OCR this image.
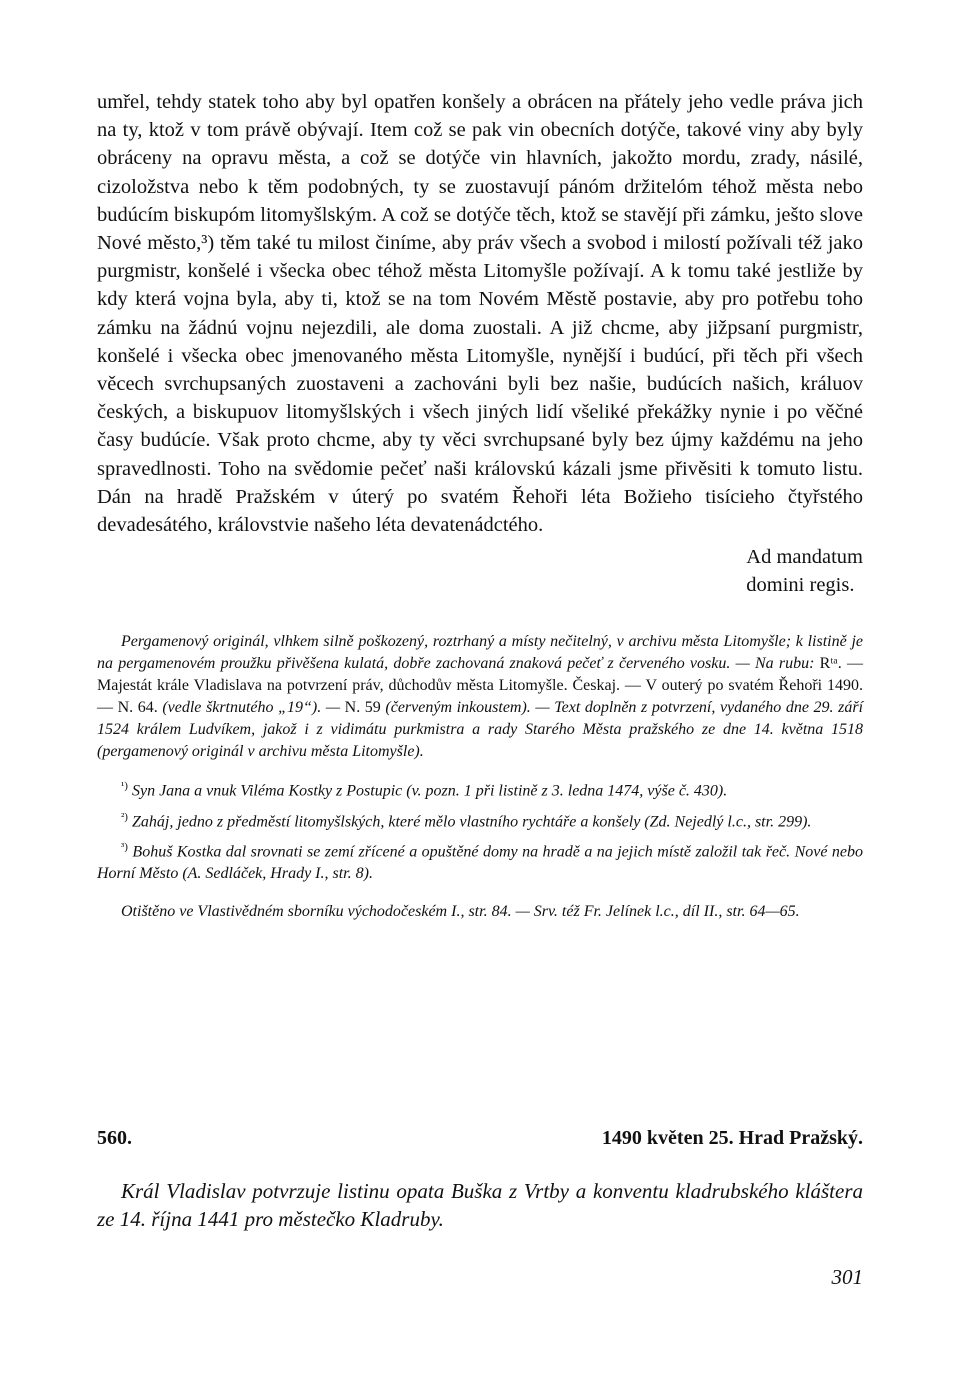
umřel, tehdy statek toho aby byl opatřen konšely a obrácen na přátely jeho vedle práva jich na ty, ktož v tom právě obývají. Item což se pak vin obecních dotýče, takové viny aby byly obráceny na opravu města, a což se dotýče vin hlavních, jakožto mordu, zrady, násilé, cizoložstva nebo k těm podobných, ty se zuostavují pánóm držitelóm téhož města nebo budúcím biskupóm litomyšlským. A což se dotýče těch, ktož se stavějí při zámku, ješto slove Nové město,³) těm také tu milost činíme, aby práv všech a svobod i milostí požívali též jako purgmistr, konšelé i všecka obec téhož města Litomyšle požívají. A k tomu také jestliže by kdy která vojna byla, aby ti, ktož se na tom Novém Městě postavie, aby pro potřebu toho zámku na žádnú vojnu nejezdili, ale doma zuostali. A již chcme, aby jižpsaní purgmistr, konšelé i všecka obec jmenovaného města Litomyšle, nynější i budúcí, při těch při všech věcech svrchupsaných zuostaveni a zachováni byli bez našie, budúcích našich, králuov českých, a biskupuov litomyšlských i všech jiných lidí všeliké překážky nynie i po věčné časy budúcíe. Však proto chcme, aby ty věci svrchupsané byly bez újmy každému na jeho spravedlnosti. Toho na svědomie pečeť naši královskú kázali jsme přivěsiti k tomuto listu. Dán na hradě Pražském v úterý po svatém Řehoři léta Božieho tisícieho čtyřstého devadesátého, královstvie našeho léta devatenádctého.

Ad mandatum
domini regis.

Pergamenový originál, vlhkem silně poškozený, roztrhaný a místy nečitelný, v archivu města Litomyšle; k listině je na pergamenovém proužku přivěšena kulatá, dobře zachovaná znaková pečeť z červeného vosku. — Na rubu: Rᵗᵃ. — Majestát krále Vladislava na potvrzení práv, důchodův města Litomyšle. Českaj. — V outerý po svatém Řehoři 1490.— N. 64. (vedle škrtnutého „19“). — N. 59 (červeným inkoustem). — Text doplněn z potvrzení, vydaného dne 29. září 1524 králem Ludvíkem, jakož i z vidimátu purkmistra a rady Starého Města pražského ze dne 14. května 1518 (pergamenový originál v archivu města Litomyšle).

$^{^1)}$ Syn Jana a vnuk Viléma Kostky z Postupic (v. pozn. 1 při listině z 3. ledna 1474, výše č. 430).

$^{^2)}$ Zaháj, jedno z předměstí litomyšlských, které mělo vlastního rychtáře a konšely (Zd. Nejedlý l.c., str. 299).

$^{^3)}$ Bohuš Kostka dal srovnati se zemí zřícené a opuštěné domy na hradě a na jejich místě založil tak řeč. Nové nebo Horní Město (A. Sedláček, Hrady I., str. 8).

Otištěno ve Vlastivědném sborníku východočeském I., str. 84. — Srv. též Fr. Jelínek l.c., díl II., str. 64—65.

560.	1490 květen 25. Hrad Pražský.

Král Vladislav potvrzuje listinu opata Buška z Vrtby a konventu kladrubského kláštera ze 14. října 1441 pro městečko Kladruby.

301
